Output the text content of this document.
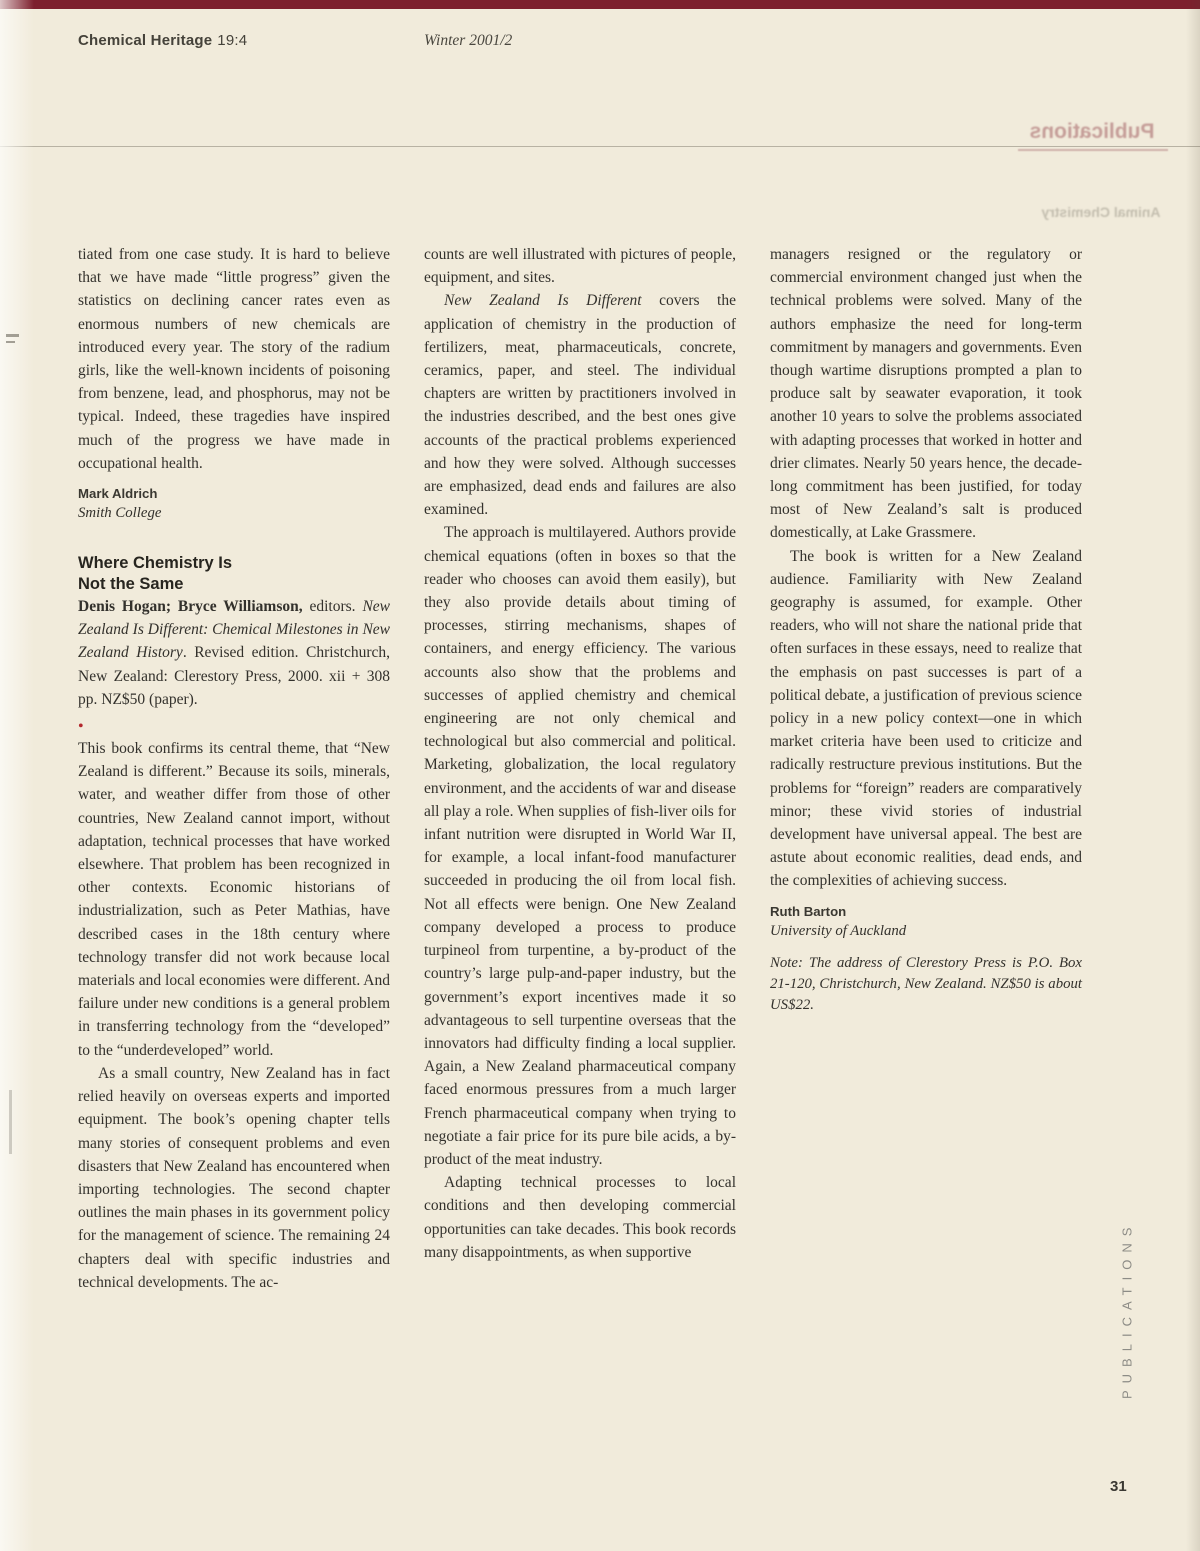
Chemical Heritage 19:4	Winter 2001/2
Publications
Animal Chemistry

tiated from one case study. It is hard to believe that we have made “little progress” given the statistics on declining cancer rates even as enormous numbers of new chemicals are introduced every year. The story of the radium girls, like the well-known incidents of poisoning from benzene, lead, and phosphorus, may not be typical. Indeed, these tragedies have inspired much of the progress we have made in occupational health.

Mark Aldrich

Smith College

Where Chemistry Is
Not the Same

Denis Hogan; Bryce Williamson, editors. New Zealand Is Different: Chemical Milestones in New Zealand History. Revised edition. Christchurch, New Zealand: Clerestory Press, 2000. xii + 308 pp. NZ$50 (paper).

•

This book confirms its central theme, that “New Zealand is different.” Because its soils, minerals, water, and weather differ from those of other countries, New Zealand cannot import, without adaptation, technical processes that have worked elsewhere. That problem has been recognized in other contexts. Economic historians of industrialization, such as Peter Mathias, have described cases in the 18th century where technology transfer did not work because local materials and local economies were different. And failure under new conditions is a general problem in transferring technology from the “developed” to the “underdeveloped” world.

As a small country, New Zealand has in fact relied heavily on overseas experts and imported equipment. The book’s opening chapter tells many stories of consequent problems and even disasters that New Zealand has encountered when importing technologies. The second chapter outlines the main phases in its government policy for the management of science. The remaining 24 chapters deal with specific industries and technical developments. The ac-

counts are well illustrated with pictures of people, equipment, and sites.

New Zealand Is Different covers the application of chemistry in the production of fertilizers, meat, pharmaceuticals, concrete, ceramics, paper, and steel. The individual chapters are written by practitioners involved in the industries described, and the best ones give accounts of the practical problems experienced and how they were solved. Although successes are emphasized, dead ends and failures are also examined.

The approach is multilayered. Authors provide chemical equations (often in boxes so that the reader who chooses can avoid them easily), but they also provide details about timing of processes, stirring mechanisms, shapes of containers, and energy efficiency. The various accounts also show that the problems and successes of applied chemistry and chemical engineering are not only chemical and technological but also commercial and political. Marketing, globalization, the local regulatory environment, and the accidents of war and disease all play a role. When supplies of fish-liver oils for infant nutrition were disrupted in World War II, for example, a local infant-food manufacturer succeeded in producing the oil from local fish. Not all effects were benign. One New Zealand company developed a process to produce turpineol from turpentine, a by-product of the country’s large pulp-and-paper industry, but the government’s export incentives made it so advantageous to sell turpentine overseas that the innovators had difficulty finding a local supplier. Again, a New Zealand pharmaceutical company faced enormous pressures from a much larger French pharmaceutical company when trying to negotiate a fair price for its pure bile acids, a by-product of the meat industry.

Adapting technical processes to local conditions and then developing commercial opportunities can take decades. This book records many disappointments, as when supportive

managers resigned or the regulatory or commercial environment changed just when the technical problems were solved. Many of the authors emphasize the need for long-term commitment by managers and governments. Even though wartime disruptions prompted a plan to produce salt by seawater evaporation, it took another 10 years to solve the problems associated with adapting processes that worked in hotter and drier climates. Nearly 50 years hence, the decade-long commitment has been justified, for today most of New Zealand’s salt is produced domestically, at Lake Grassmere.

The book is written for a New Zealand audience. Familiarity with New Zealand geography is assumed, for example. Other readers, who will not share the national pride that often surfaces in these essays, need to realize that the emphasis on past successes is part of a political debate, a justification of previous science policy in a new policy context—one in which market criteria have been used to criticize and radically restructure previous institutions. But the problems for “foreign” readers are comparatively minor; these vivid stories of industrial development have universal appeal. The best are astute about economic realities, dead ends, and the complexities of achieving success.

Ruth Barton

University of Auckland

Note: The address of Clerestory Press is P.O. Box 21-120, Christchurch, New Zealand. NZ$50 is about US$22.

PUBLICATIONS
31
